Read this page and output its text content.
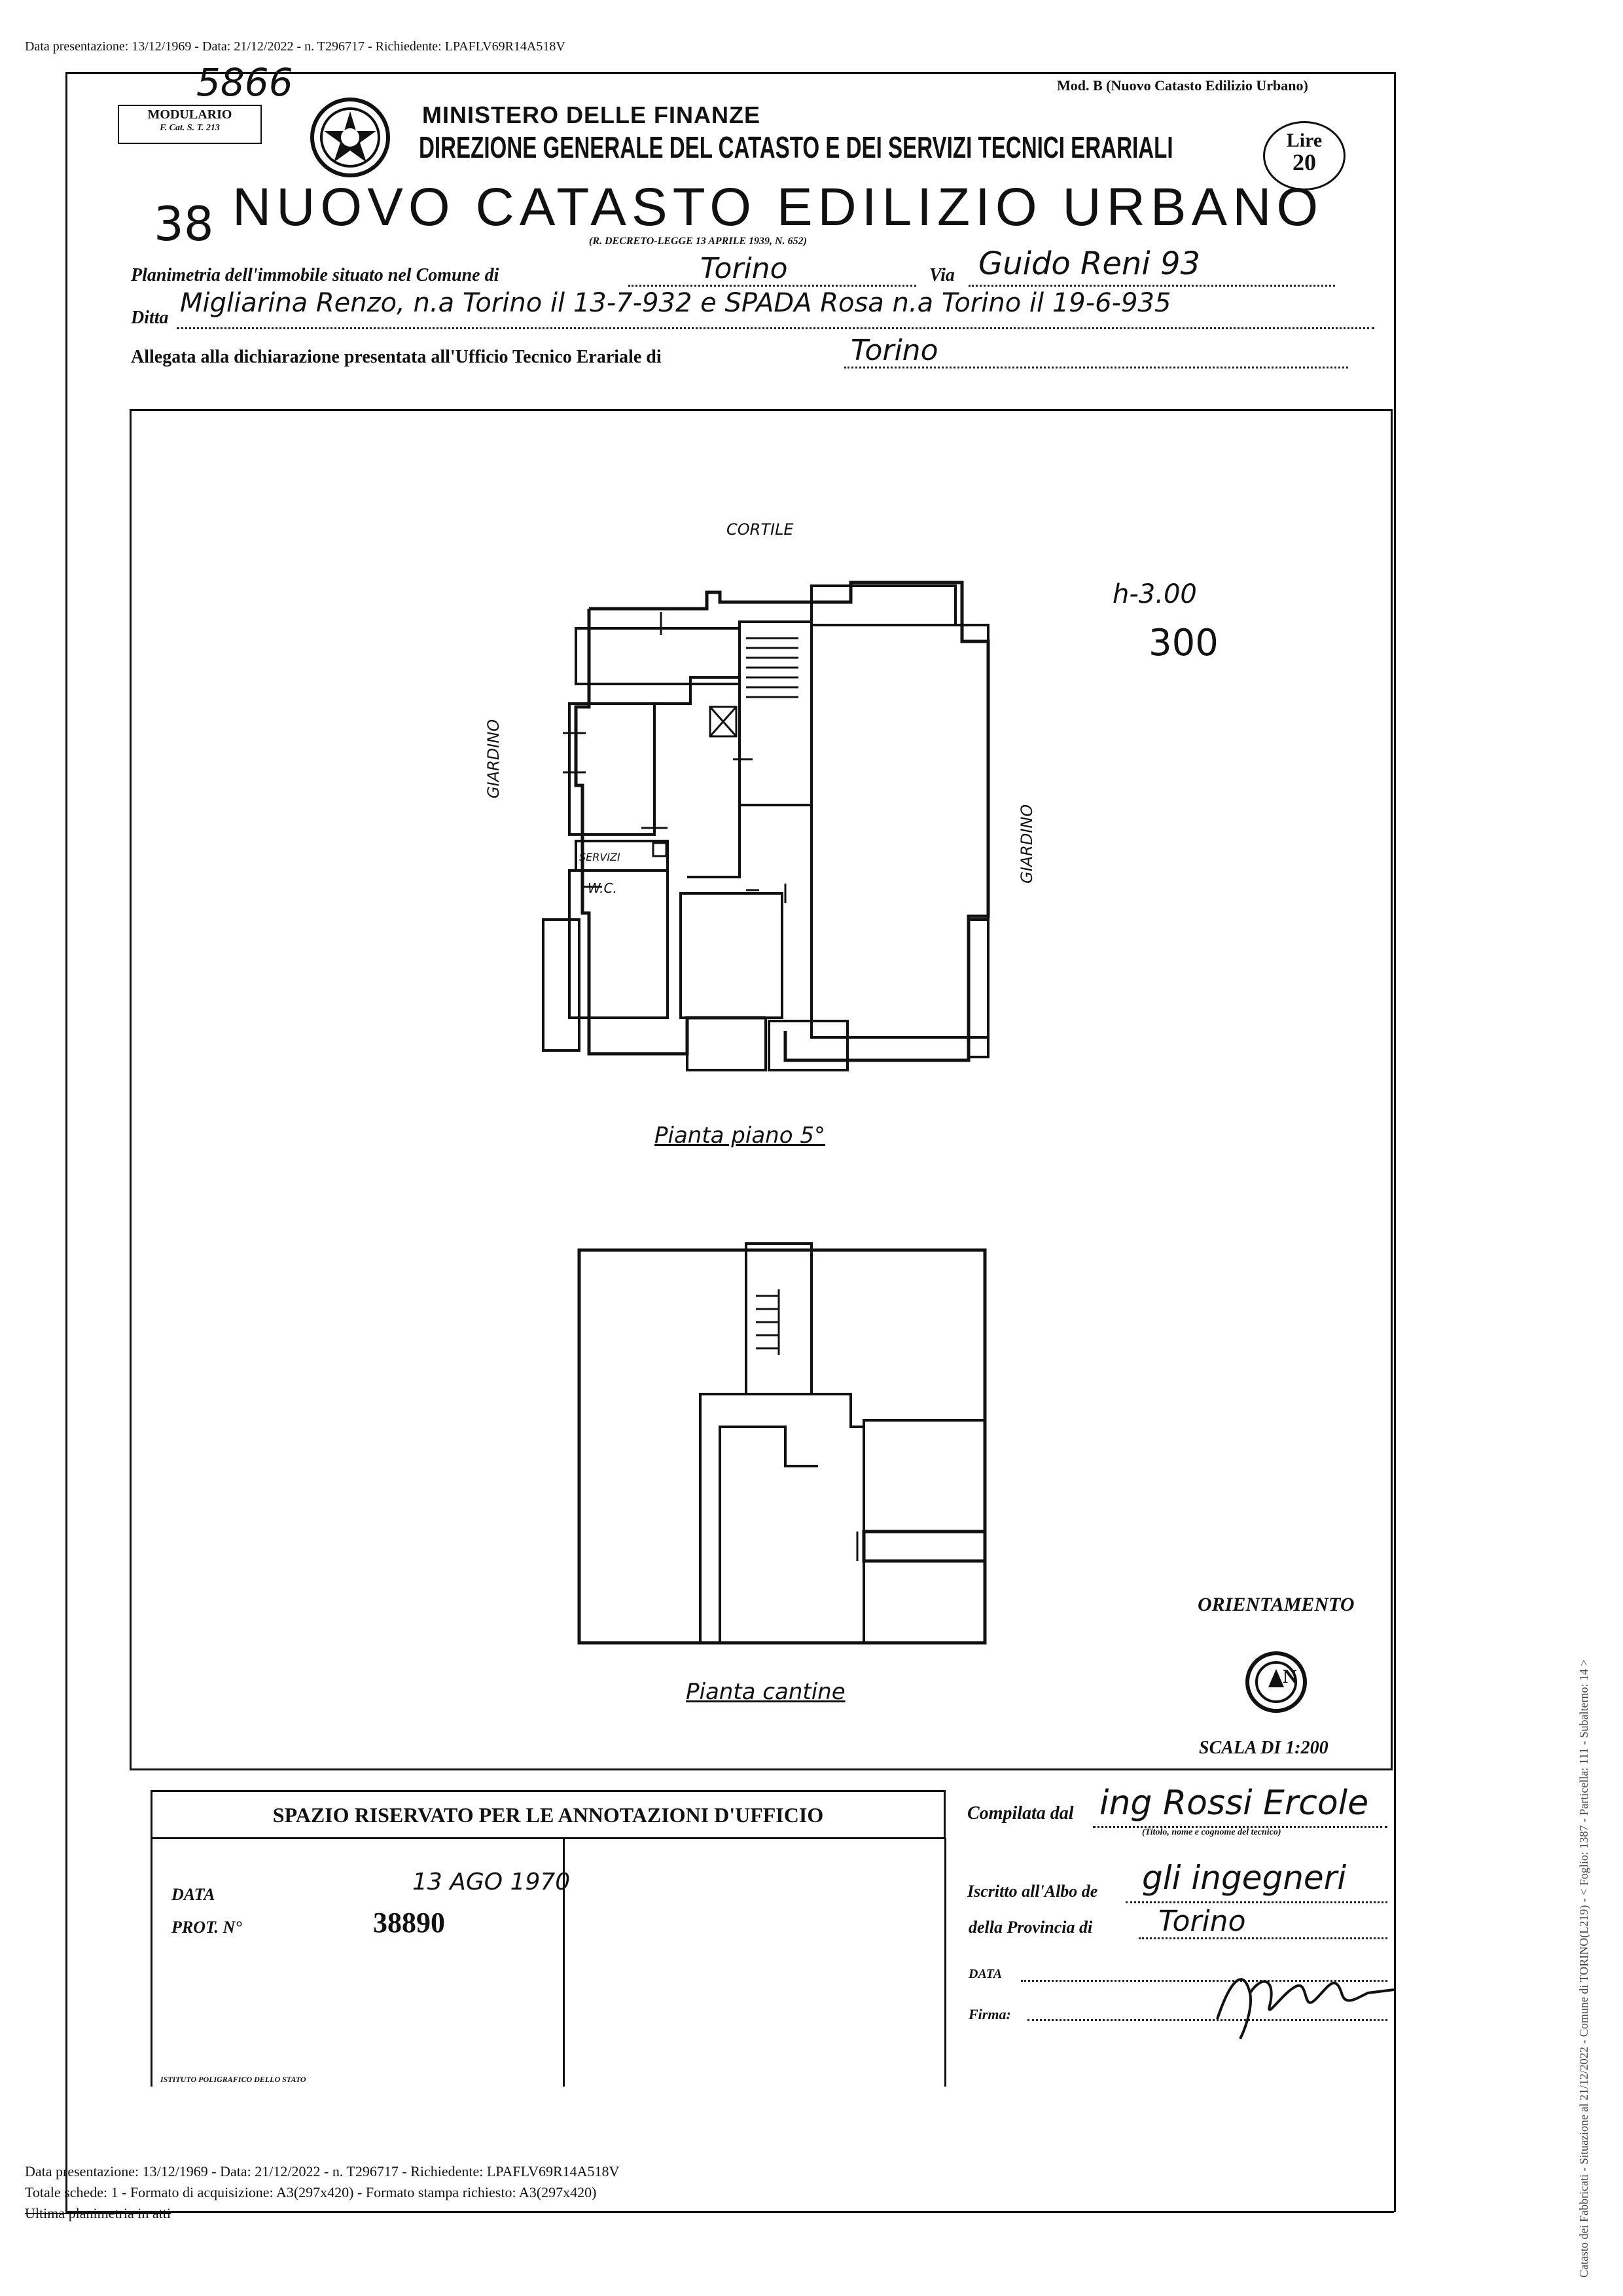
Data presentazione: 13/12/1969 - Data: 21/12/2022 - n. T296717 - Richiedente: LPAFLV69R14A518V
5866
MODULARIO
F. Cat. S. T. 213
Mod. B (Nuovo Catasto Edilizio Urbano)
MINISTERO DELLE FINANZE
DIREZIONE GENERALE DEL CATASTO E DEI SERVIZI TECNICI ERARIALI	Lire
20
38 NUOVO CATASTO EDILIZIO URBANO
(R. DECRETO-LEGGE 13 APRILE 1939, N. 652)
Planimetria dell'immobile situato nel Comune di	Torino	Via Guido Reni 93
Ditta Migliarina Renzo, n.a Torino il 13-7-932 e SPADA Rosa n.a Torino il 19-6-935
Allegata alla dichiarazione presentata all'Ufficio Tecnico Erariale di	Torino
CORTILE
GIARDINO
GIARDINO
h-3.00
300
SERVIZI
W.C.
Pianta piano 5°
Pianta cantine
ORIENTAMENTO
N
SCALA DI 1:200
SPAZIO RISERVATO PER LE ANNOTAZIONI D'UFFICIO
DATA	13 AGO 1970
PROT. N°	38890
ISTITUTO POLIGRAFICO DELLO STATO
Compilata dal ing Rossi Ercole
(Titolo, nome e cognome del tecnico)
Iscritto all'Albo de gli ingegneri
della Provincia di Torino
DATA
Firma:	Catasto dei Fabbricati - Situazione al 21/12/2022 - Comune di TORINO(L219) - < Foglio: 1387 - Particella: 111 - Subalterno: 14 >
Data presentazione: 13/12/1969 - Data: 21/12/2022 - n. T296717 - Richiedente: LPAFLV69R14A518V
Totale schede: 1 - Formato di acquisizione: A3(297x420) - Formato stampa richiesto: A3(297x420)
Ultima planimetria in atti
